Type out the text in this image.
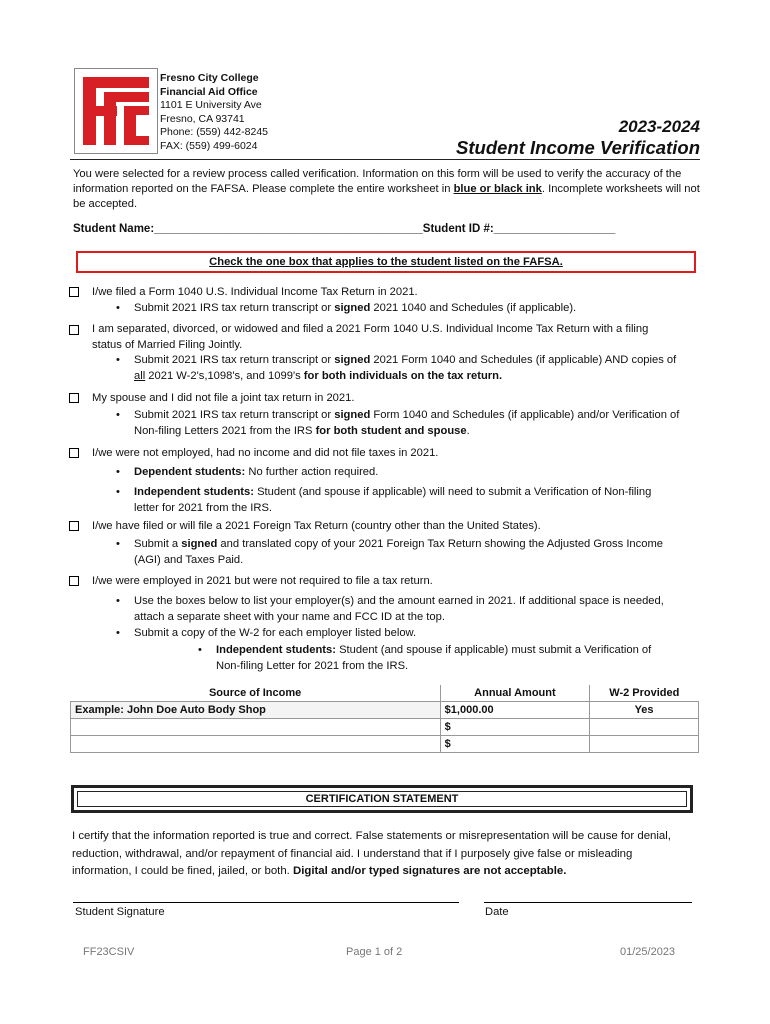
Fresno City College
Financial Aid Office
1101 E University Ave
Fresno, CA 93741
Phone: (559) 442-8245
FAX: (559) 499-6024
2023-2024
Student Income Verification
You were selected for a review process called verification. Information on this form will be used to verify the accuracy of the information reported on the FAFSA. Please complete the entire worksheet in blue or black ink. Incomplete worksheets will not be accepted.
Student Name:__________________________________________Student ID #:___________________
Check the one box that applies to the student listed on the FAFSA.
I/we filed a Form 1040 U.S. Individual Income Tax Return in 2021.
• Submit 2021 IRS tax return transcript or signed 2021 1040 and Schedules (if applicable).
I am separated, divorced, or widowed and filed a 2021 Form 1040 U.S. Individual Income Tax Return with a filing status of Married Filing Jointly.
• Submit 2021 IRS tax return transcript or signed 2021 Form 1040 and Schedules (if applicable) AND copies of all 2021 W-2's,1098's, and 1099's for both individuals on the tax return.
My spouse and I did not file a joint tax return in 2021.
• Submit 2021 IRS tax return transcript or signed Form 1040 and Schedules (if applicable) and/or Verification of Non-filing Letters 2021 from the IRS for both student and spouse.
I/we were not employed, had no income and did not file taxes in 2021.
• Dependent students: No further action required.
• Independent students: Student (and spouse if applicable) will need to submit a Verification of Non-filing letter for 2021 from the IRS.
I/we have filed or will file a 2021 Foreign Tax Return (country other than the United States).
• Submit a signed and translated copy of your 2021 Foreign Tax Return showing the Adjusted Gross Income (AGI) and Taxes Paid.
I/we were employed in 2021 but were not required to file a tax return.
• Use the boxes below to list your employer(s) and the amount earned in 2021. If additional space is needed, attach a separate sheet with your name and FCC ID at the top.
• Submit a copy of the W-2 for each employer listed below.
• Independent students: Student (and spouse if applicable) must submit a Verification of Non-filing Letter for 2021 from the IRS.
Source of Income	Annual Amount	W-2 Provided
Example: John Doe Auto Body Shop	$1,000.00	Yes
	$	
	$	
CERTIFICATION STATEMENT
I certify that the information reported is true and correct. False statements or misrepresentation will be cause for denial, reduction, withdrawal, and/or repayment of financial aid. I understand that if I purposely give false or misleading information, I could be fined, jailed, or both. Digital and/or typed signatures are not acceptable.
Student Signature	Date
FF23CSIV	Page 1 of 2	01/25/2023
